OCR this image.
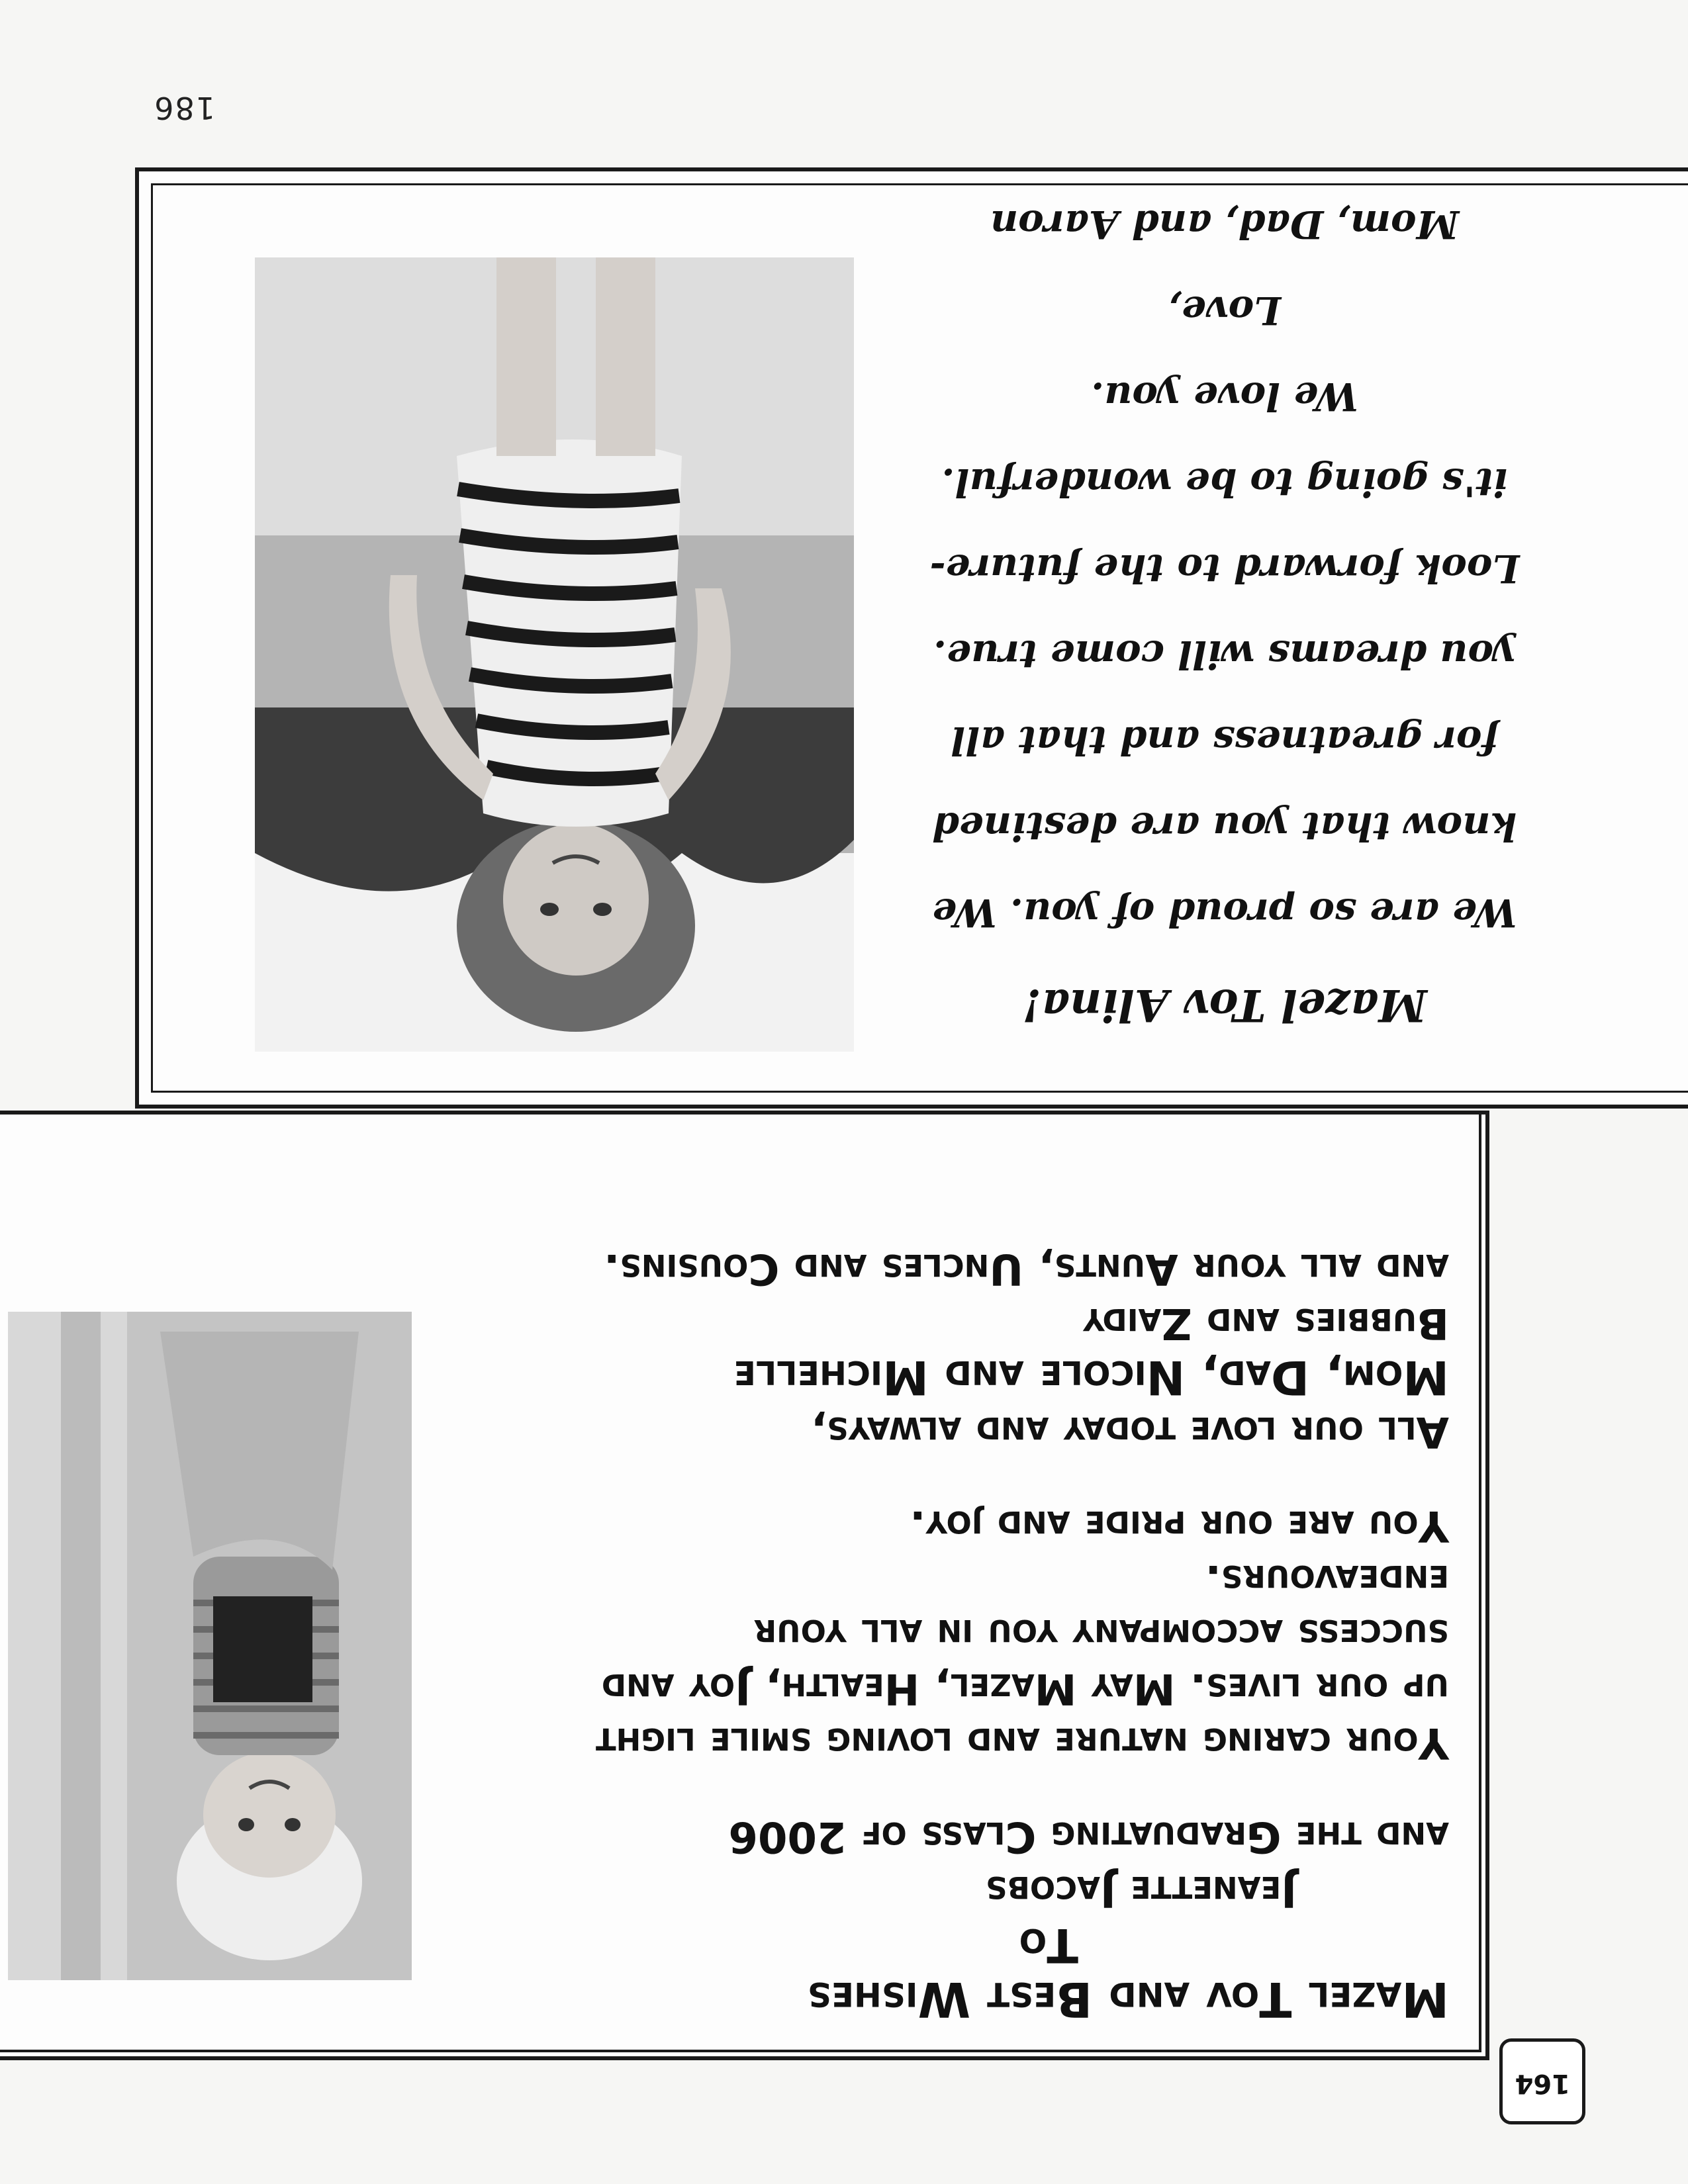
Mazel Tov and Best Wishes
To
Jeanette Jacobs
and the Graduating Class of 2006
Your caring nature and loving smile light
up our lives. May Mazel, Health, Joy and
success accompany you in all your
endeavours.
You are our pride and joy.
All our love today and always,
Mom, Dad, Nicole and Michelle
Bubbies and Zaidy
and all your Aunts, Uncles and Cousins.
Mazel Tov Alina!
We are so proud of you. We
know that you are destined
for greatness and that all
you dreams will come true.
Look forward to the future-
it's going to be wonderful.
We love you.
Love,
Mom, Dad, and Aaron
186
164
